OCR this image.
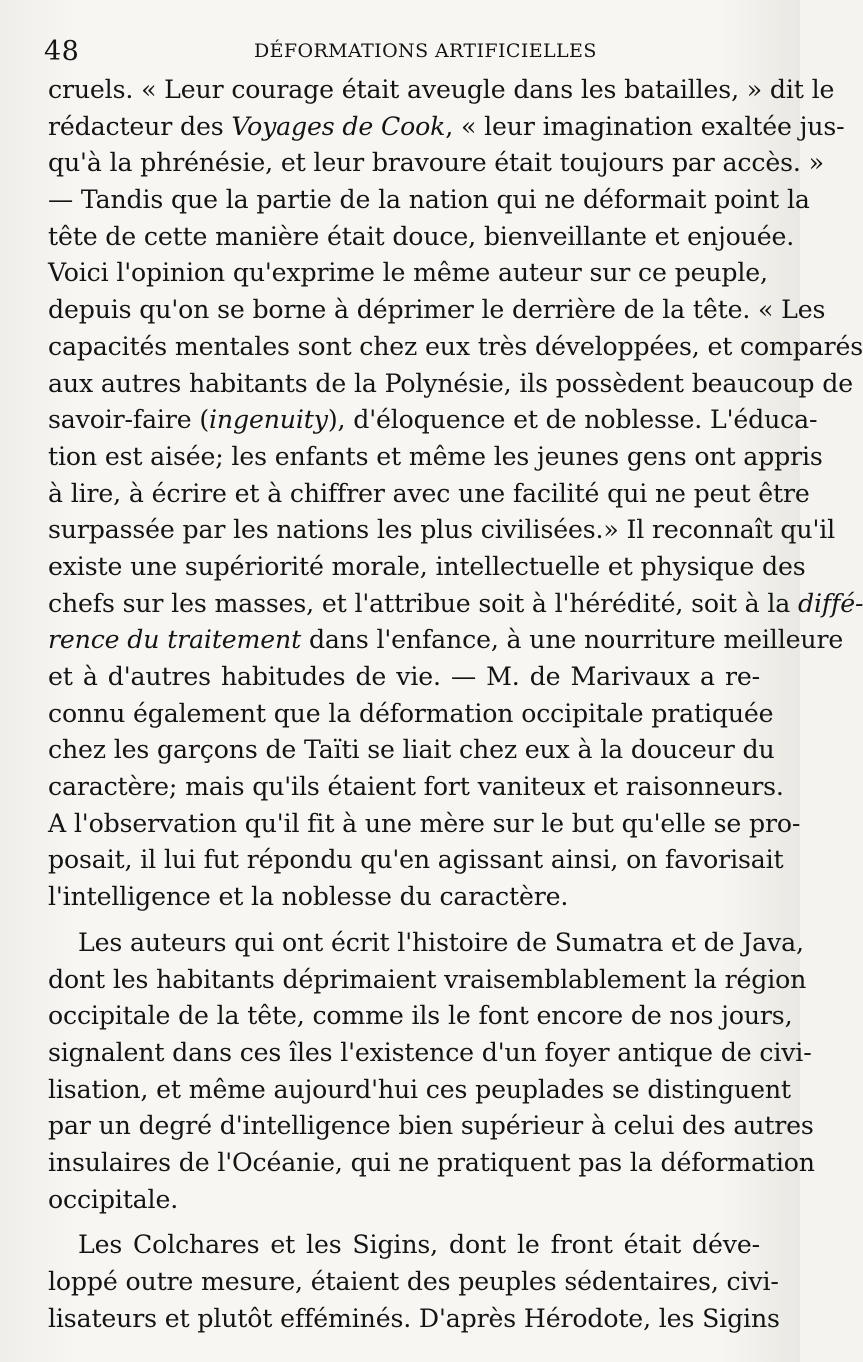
48	DÉFORMATIONS ARTIFICIELLES
cruels. « Leur courage était aveugle dans les batailles, » dit le
rédacteur des Voyages de Cook, « leur imagination exaltée jus-
qu'à la phrénésie, et leur bravoure était toujours par accès. »
— Tandis que la partie de la nation qui ne déformait point la
tête de cette manière était douce, bienveillante et enjouée.
Voici l'opinion qu'exprime le même auteur sur ce peuple,
depuis qu'on se borne à déprimer le derrière de la tête. « Les
capacités mentales sont chez eux très développées, et comparés
aux autres habitants de la Polynésie, ils possèdent beaucoup de
savoir-faire (ingenuity), d'éloquence et de noblesse. L'éduca-
tion est aisée; les enfants et même les jeunes gens ont appris
à lire, à écrire et à chiffrer avec une facilité qui ne peut être
surpassée par les nations les plus civilisées.» Il reconnaît qu'il
existe une supériorité morale, intellectuelle et physique des
chefs sur les masses, et l'attribue soit à l'hérédité, soit à la diffé-
rence du traitement dans l'enfance, à une nourriture meilleure
et à d'autres habitudes de vie. — M. de Marivaux a re-
connu également que la déformation occipitale pratiquée
chez les garçons de Taïti se liait chez eux à la douceur du
caractère; mais qu'ils étaient fort vaniteux et raisonneurs.
A l'observation qu'il fit à une mère sur le but qu'elle se pro-
posait, il lui fut répondu qu'en agissant ainsi, on favorisait
l'intelligence et la noblesse du caractère.
Les auteurs qui ont écrit l'histoire de Sumatra et de Java,
dont les habitants déprimaient vraisemblablement la région
occipitale de la tête, comme ils le font encore de nos jours,
signalent dans ces îles l'existence d'un foyer antique de civi-
lisation, et même aujourd'hui ces peuplades se distinguent
par un degré d'intelligence bien supérieur à celui des autres
insulaires de l'Océanie, qui ne pratiquent pas la déformation
occipitale.
Les Colchares et les Sigins, dont le front était déve-
loppé outre mesure, étaient des peuples sédentaires, civi-
lisateurs et plutôt efféminés. D'après Hérodote, les Sigins
